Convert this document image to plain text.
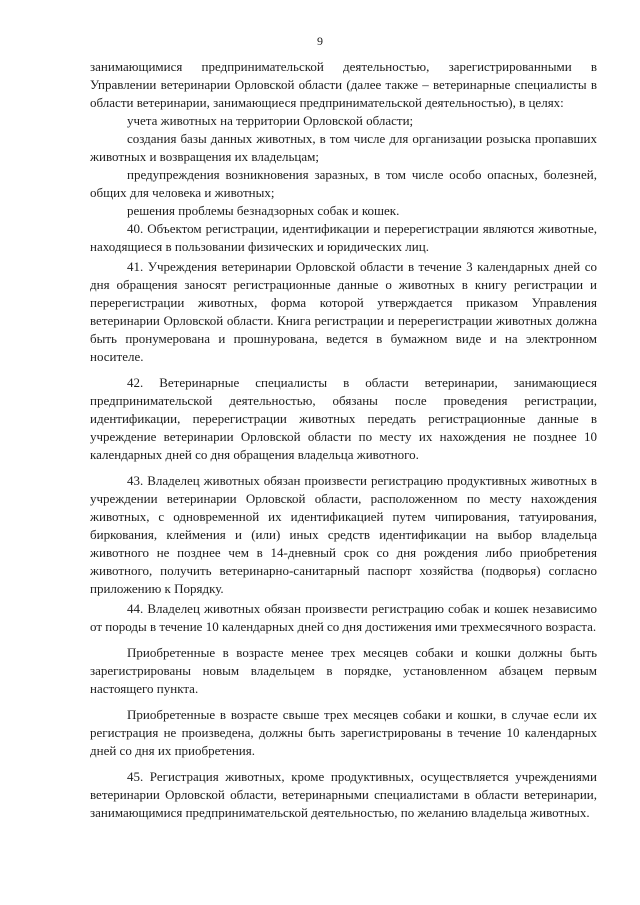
9

занимающимися предпринимательской деятельностью, зарегистрированными в Управлении ветеринарии Орловской области (далее также – ветеринарные специалисты в области ветеринарии, занимающиеся предпринимательской деятельностью), в целях:

учета животных на территории Орловской области;

создания базы данных животных, в том числе для организации розыска пропавших животных и возвращения их владельцам;

предупреждения возникновения заразных, в том числе особо опасных, болезней, общих для человека и животных;

решения проблемы безнадзорных собак и кошек.

40. Объектом регистрации, идентификации и перерегистрации являются животные, находящиеся в пользовании физических и юридических лиц.

41. Учреждения ветеринарии Орловской области в течение 3 календарных дней со дня обращения заносят регистрационные данные о животных в книгу регистрации и перерегистрации животных, форма которой утверждается приказом Управления ветеринарии Орловской области. Книга регистрации и перерегистрации животных должна быть пронумерована и прошнурована, ведется в бумажном виде и на электронном носителе.

42. Ветеринарные специалисты в области ветеринарии, занимающиеся предпринимательской деятельностью, обязаны после проведения регистрации, идентификации, перерегистрации животных передать регистрационные данные в учреждение ветеринарии Орловской области по месту их нахождения не позднее 10 календарных дней со дня обращения владельца животного.

43. Владелец животных обязан произвести регистрацию продуктивных животных в учреждении ветеринарии Орловской области, расположенном по месту нахождения животных, с одновременной их идентификацией путем чипирования, татуирования, биркования, клеймения и (или) иных средств идентификации на выбор владельца животного не позднее чем в 14-дневный срок со дня рождения либо приобретения животного, получить ветеринарно-санитарный паспорт хозяйства (подворья) согласно приложению к Порядку.

44. Владелец животных обязан произвести регистрацию собак и кошек независимо от породы в течение 10 календарных дней со дня достижения ими трехмесячного возраста.

Приобретенные в возрасте менее трех месяцев собаки и кошки должны быть зарегистрированы новым владельцем в порядке, установленном абзацем первым настоящего пункта.

Приобретенные в возрасте свыше трех месяцев собаки и кошки, в случае если их регистрация не произведена, должны быть зарегистрированы в течение 10 календарных дней со дня их приобретения.

45. Регистрация животных, кроме продуктивных, осуществляется учреждениями ветеринарии Орловской области, ветеринарными специалистами в области ветеринарии, занимающимися предпринимательской деятельностью, по желанию владельца животных.
